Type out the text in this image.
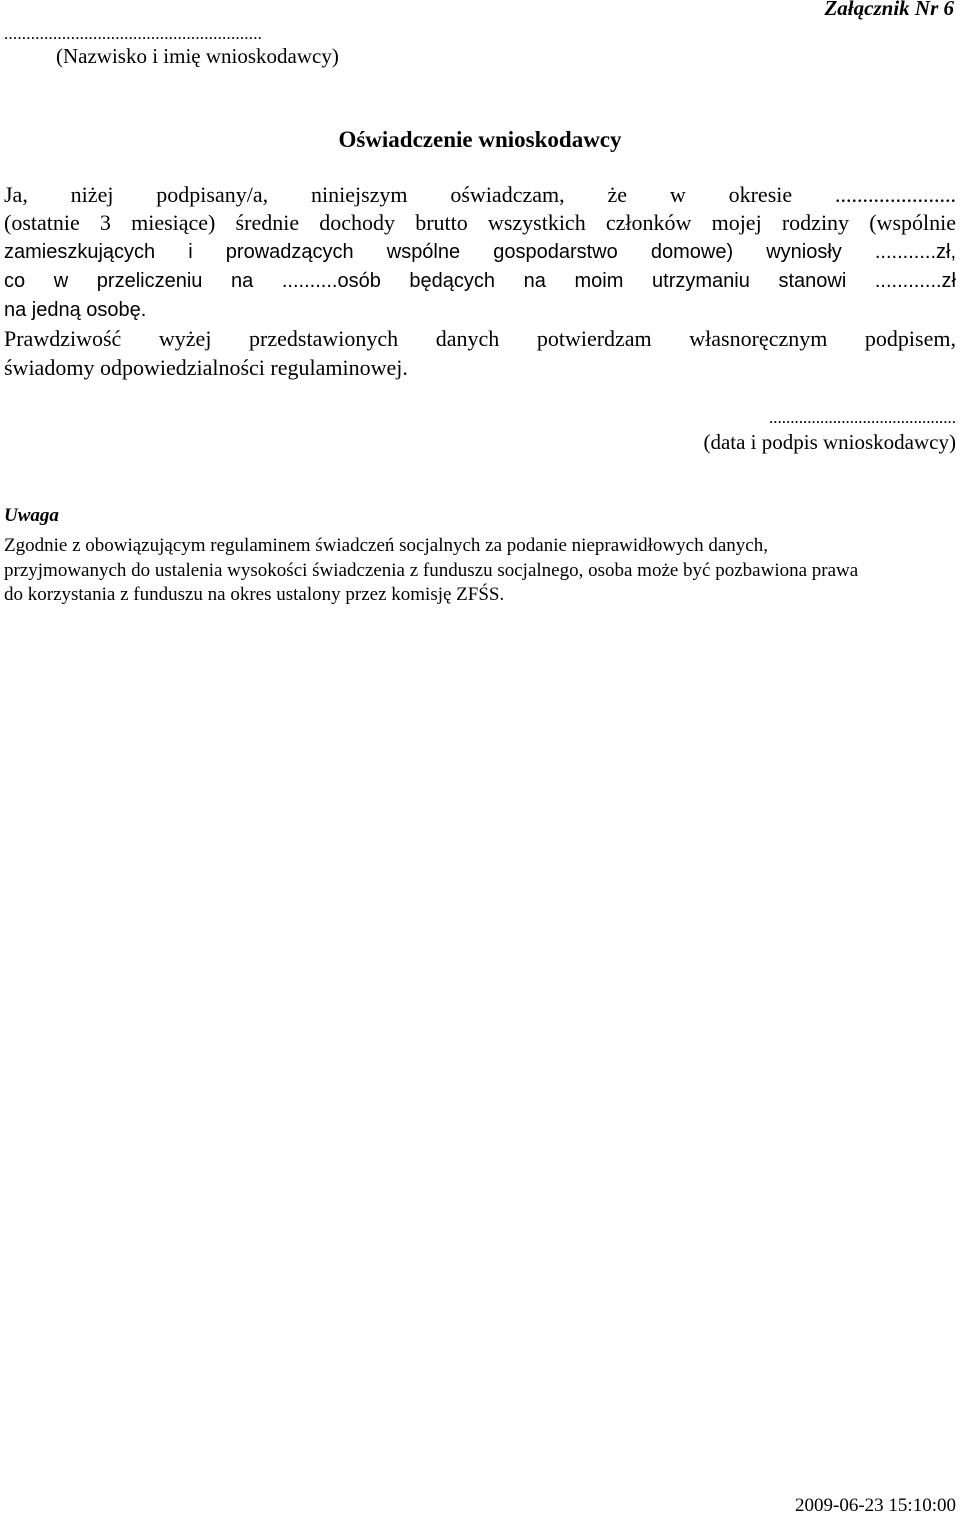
Załącznik Nr 6
..........................................................
(Nazwisko i imię wnioskodawcy)
Oświadczenie wnioskodawcy
Ja, niżej podpisany/a, niniejszym oświadczam, że w okresie ......................
(ostatnie 3 miesiące) średnie dochody brutto wszystkich członków mojej rodziny (wspólnie
zamieszkujących i prowadzących wspólne gospodarstwo domowe) wyniosły ...........zł,
co w przeliczeniu na ..........osób będących na moim utrzymaniu stanowi ............zł
na jedną osobę.
Prawdziwość wyżej przedstawionych danych potwierdzam własnoręcznym podpisem,
świadomy odpowiedzialności regulaminowej.
............................................
(data i podpis wnioskodawcy)
Uwaga
Zgodnie z obowiązującym regulaminem świadczeń socjalnych za podanie nieprawidłowych danych,
przyjmowanych do ustalenia wysokości świadczenia z funduszu socjalnego, osoba może być pozbawiona prawa
do korzystania z funduszu na okres ustalony przez komisję ZFŚS.
2009-06-23 15:10:00
